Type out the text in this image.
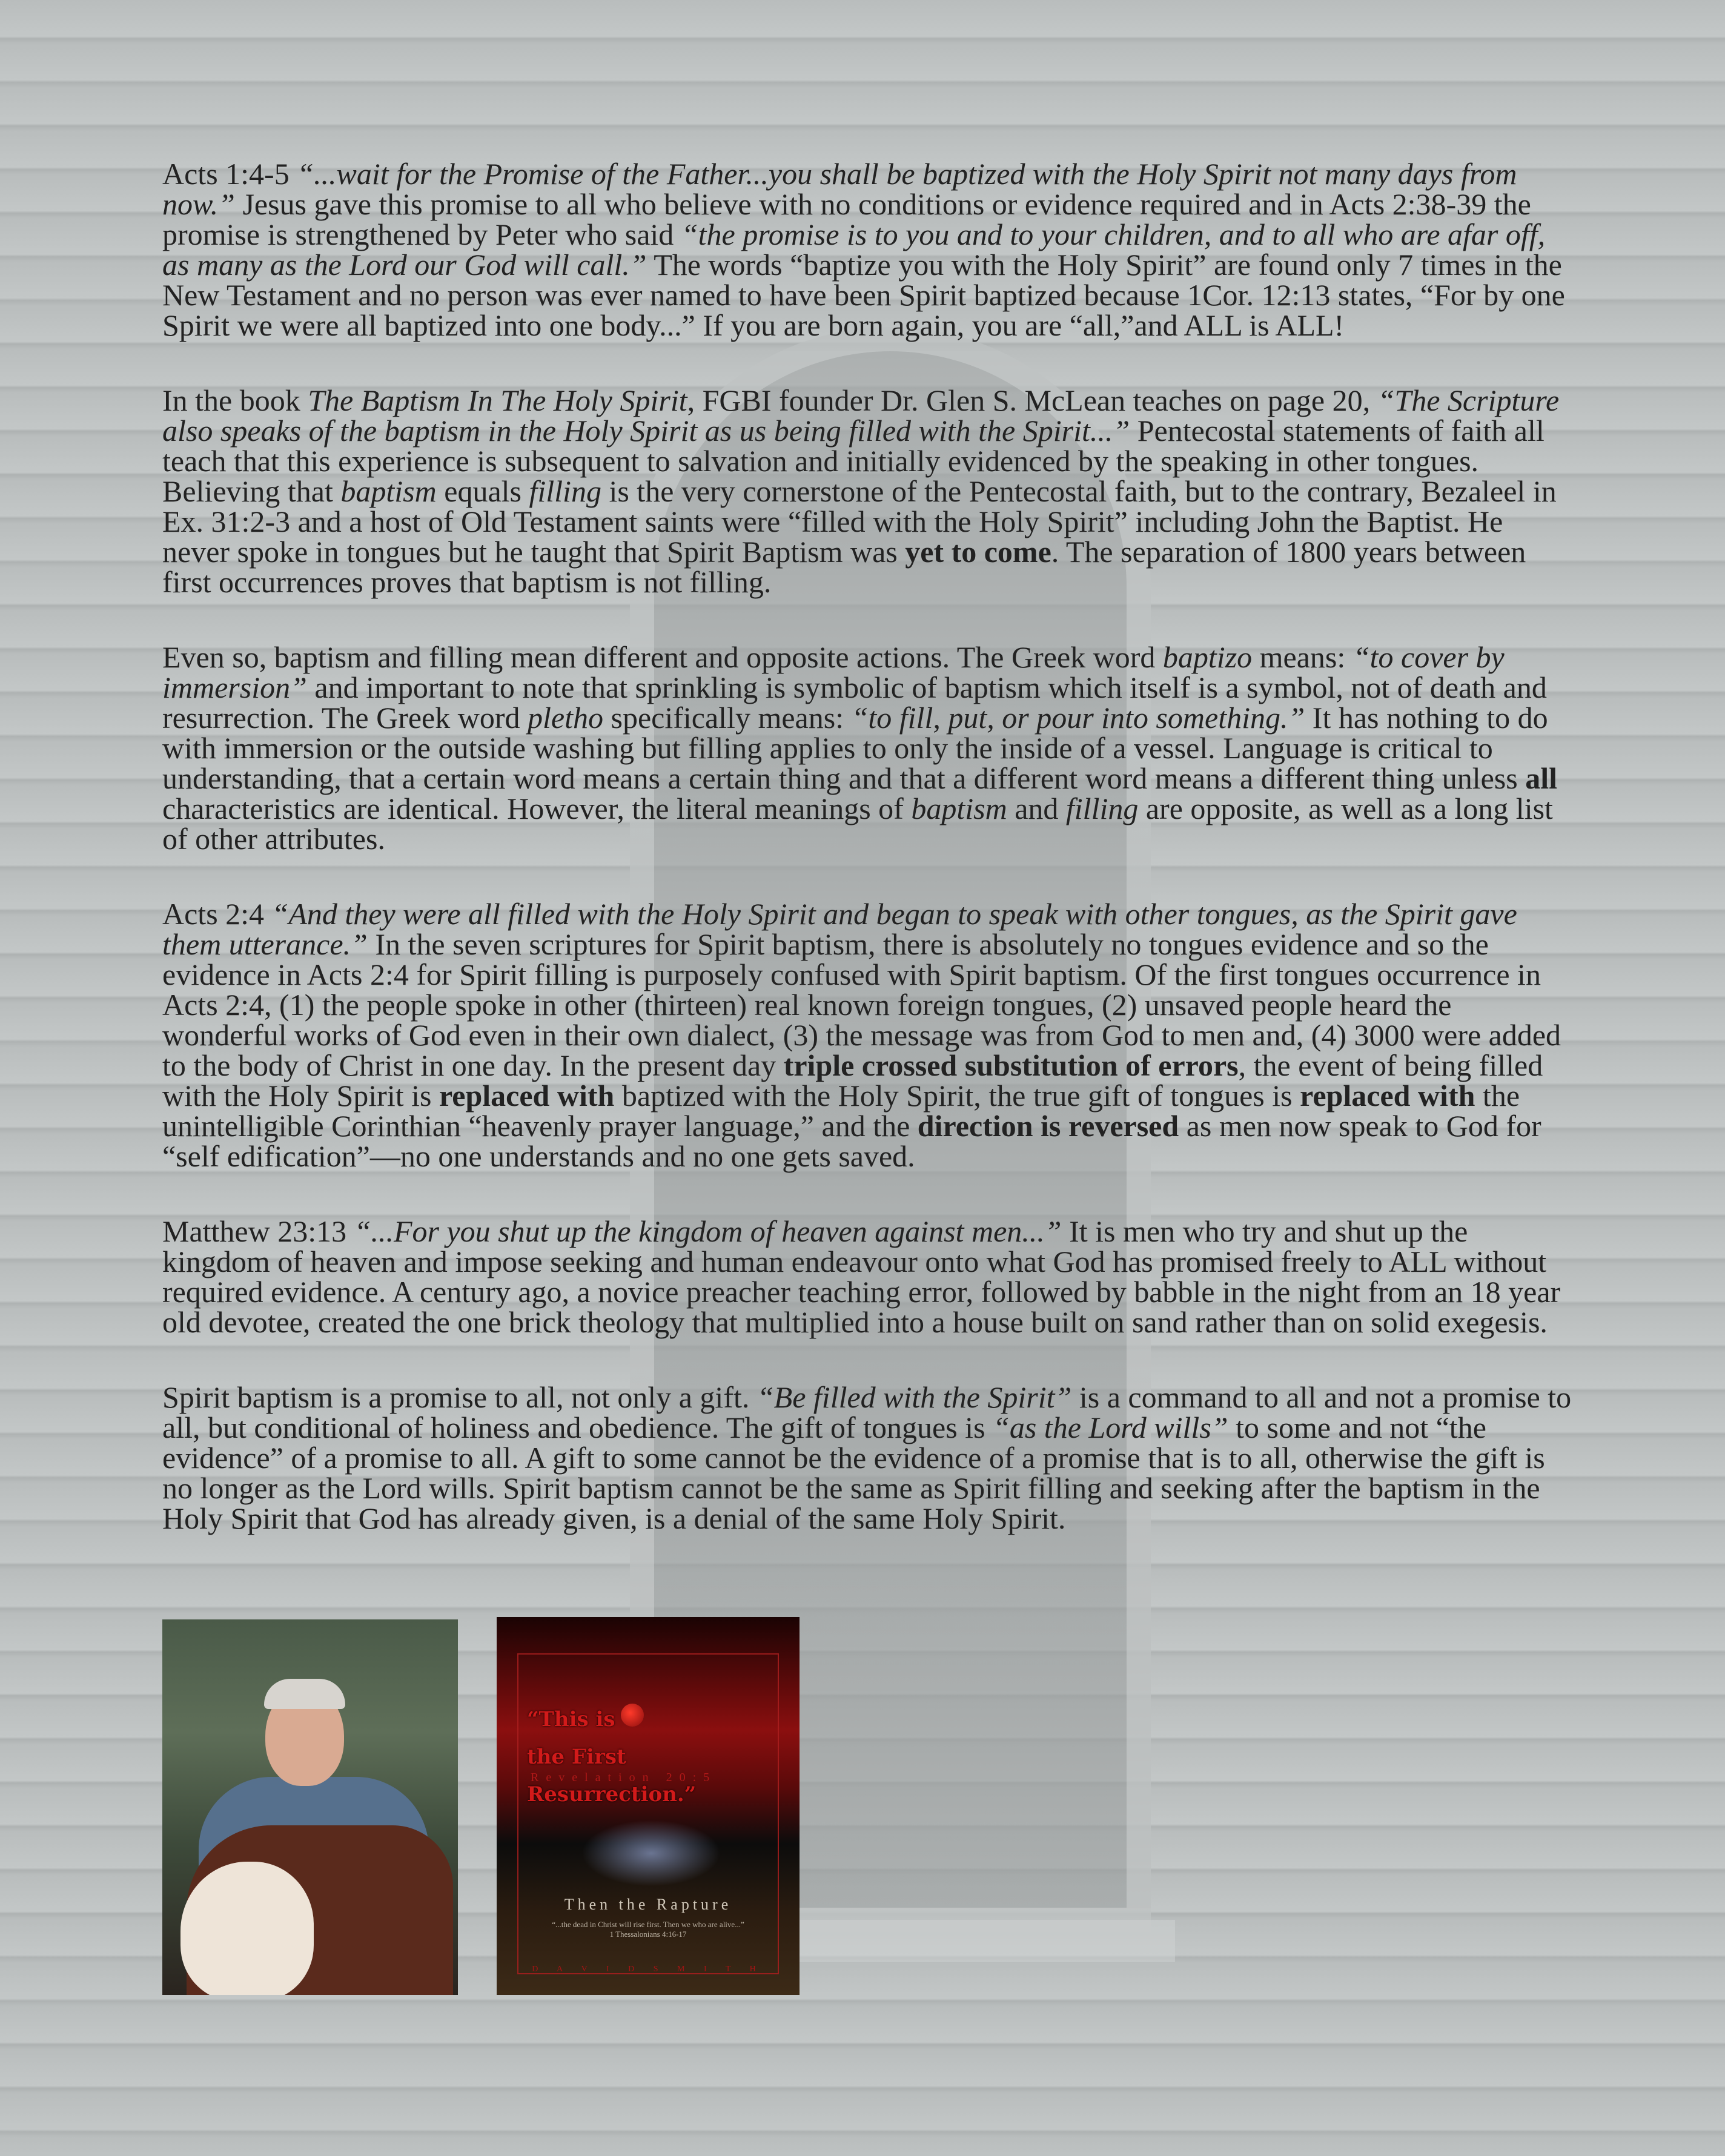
Acts 1:4-5 “...wait for the Promise of the Father...you shall be baptized with the Holy Spirit not many days from now.” Jesus gave this promise to all who believe with no conditions or evidence required and in Acts 2:38-39 the promise is strengthened by Peter who said “the promise is to you and to your children, and to all who are afar off, as many as the Lord our God will call.” The words “baptize you with the Holy Spirit” are found only 7 times in the New Testament and no person was ever named to have been Spirit baptized because 1Cor. 12:13 states, “For by one Spirit we were all baptized into one body...” If you are born again, you are “all,”and ALL is ALL!

In the book The Baptism In The Holy Spirit, FGBI founder Dr. Glen S. McLean teaches on page 20, “The Scripture also speaks of the baptism in the Holy Spirit as us being filled with the Spirit...” Pentecostal statements of faith all teach that this experience is subsequent to salvation and initially evidenced by the speaking in other tongues. Believing that baptism equals filling is the very cornerstone of the Pentecostal faith, but to the contrary, Bezaleel in Ex. 31:2-3 and a host of Old Testament saints were “filled with the Holy Spirit” including John the Baptist. He never spoke in tongues but he taught that Spirit Baptism was yet to come. The separation of 1800 years between first occurrences proves that baptism is not filling.

Even so, baptism and filling mean different and opposite actions. The Greek word baptizo means: “to cover by immersion” and important to note that sprinkling is symbolic of baptism which itself is a symbol, not of death and resurrection. The Greek word pletho specifically means: “to fill, put, or pour into something.” It has nothing to do with immersion or the outside washing but filling applies to only the inside of a vessel. Language is critical to understanding, that a certain word means a certain thing and that a different word means a different thing unless all characteristics are identical. However, the literal meanings of baptism and filling are opposite, as well as a long list of other attributes.

Acts 2:4 “And they were all filled with the Holy Spirit and began to speak with other tongues, as the Spirit gave them utterance.” In the seven scriptures for Spirit baptism, there is absolutely no tongues evidence and so the evidence in Acts 2:4 for Spirit filling is purposely confused with Spirit baptism. Of the first tongues occurrence in Acts 2:4, (1) the people spoke in other (thirteen) real known foreign tongues, (2) unsaved people heard the wonderful works of God even in their own dialect, (3) the message was from God to men and, (4) 3000 were added to the body of Christ in one day. In the present day triple crossed substitution of errors, the event of being filled with the Holy Spirit is replaced with baptized with the Holy Spirit, the true gift of tongues is replaced with the unintelligible Corinthian “heavenly prayer language,” and the direction is reversed as men now speak to God for “self edification”—no one understands and no one gets saved.

Matthew 23:13 “...For you shut up the kingdom of heaven against men...” It is men who try and shut up the kingdom of heaven and impose seeking and human endeavour onto what God has promised freely to ALL without required evidence. A century ago, a novice preacher teaching error, followed by babble in the night from an 18 year old devotee, created the one brick theology that multiplied into a house built on sand rather than on solid exegesis.

Spirit baptism is a promise to all, not only a gift. “Be filled with the Spirit” is a command to all and not a promise to all, but conditional of holiness and obedience. The gift of tongues is “as the Lord wills” to some and not “the evidence” of a promise to all. A gift to some cannot be the evidence of a promise that is to all, otherwise the gift is no longer as the Lord wills. Spirit baptism cannot be the same as Spirit filling and seeking after the baptism in the Holy Spirit that God has already given, is a denial of the same Holy Spirit.

“This is
the First Resurrection.”
Revelation 20:5
Then the Rapture
“...the dead in Christ will rise first. Then we who are alive...”
1 Thessalonians 4:16-17
D A V I D S M I T H
